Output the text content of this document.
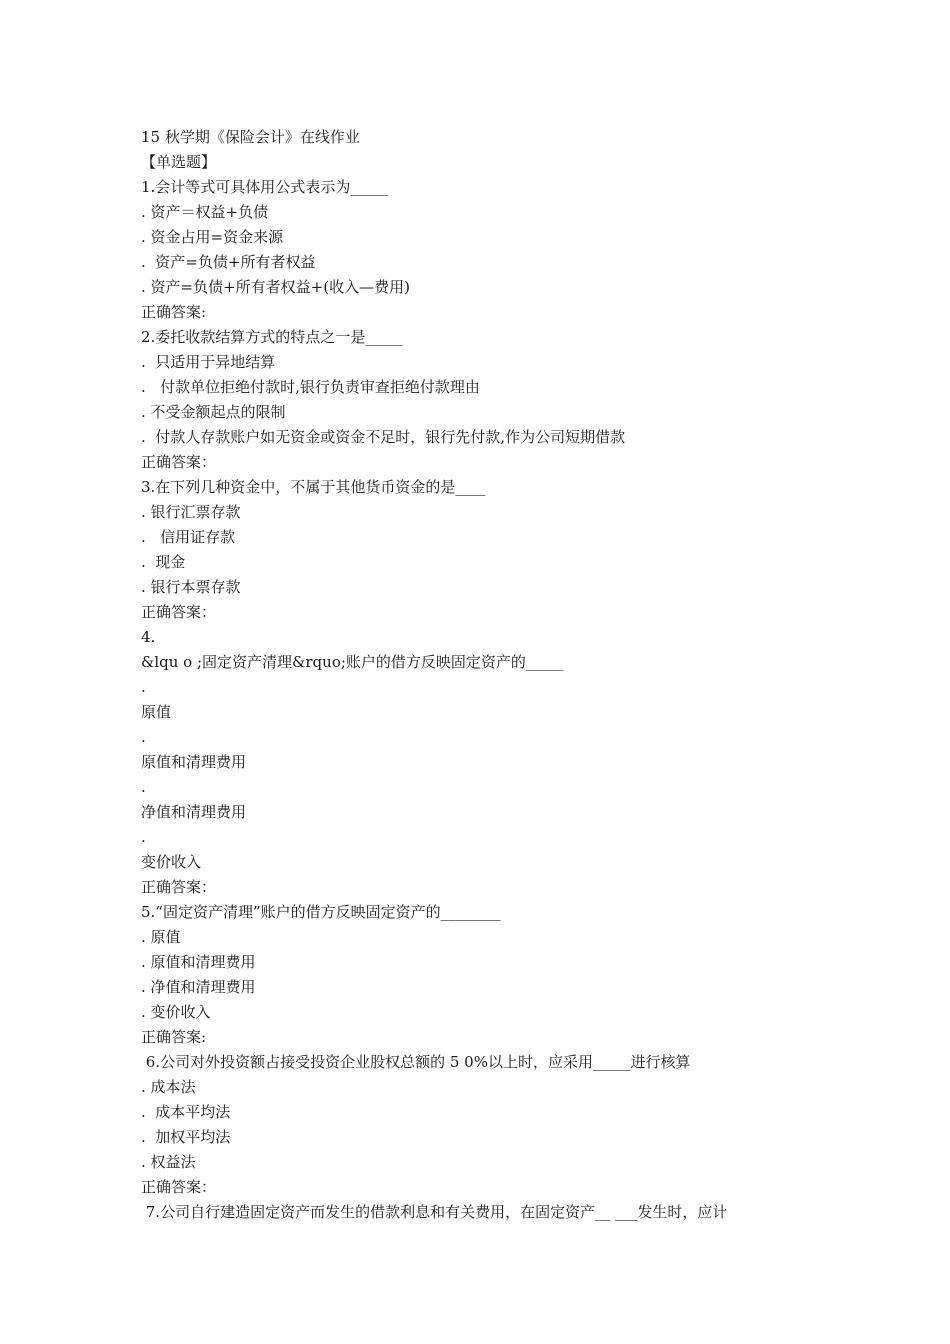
15 秋学期《保险会计》在线作业
【单选题】
1.会计等式可具体用公式表示为_____
. 资产＝权益+负债
. 资金占用=资金来源
.  资产=负债+所有者权益
. 资产=负债+所有者权益+(收入—费用)
正确答案:
2.委托收款结算方式的特点之一是_____
.  只适用于异地结算
.   付款单位拒绝付款时,银行负责审查拒绝付款理由
. 不受金额起点的限制
.  付款人存款账户如无资金或资金不足时，银行先付款,作为公司短期借款
正确答案：
3.在下列几种资金中，不属于其他货币资金的是____
. 银行汇票存款
.   信用证存款
.  现金
. 银行本票存款
正确答案：
4.
&lqu o ;固定资产清理&rquo;账户的借方反映固定资产的_____
.
原值
.
原值和清理费用
.
净值和清理费用
.
变价收入
正确答案：
5.“固定资产清理”账户的借方反映固定资产的________
. 原值
. 原值和清理费用
. 净值和清理费用
. 变价收入
正确答案:
6.公司对外投资额占接受投资企业股权总额的 5 0%以上时，应采用_____进行核算
. 成本法
.  成本平均法
.  加权平均法
. 权益法
正确答案：
7.公司自行建造固定资产而发生的借款利息和有关费用，在固定资产__ ___发生时，应计
